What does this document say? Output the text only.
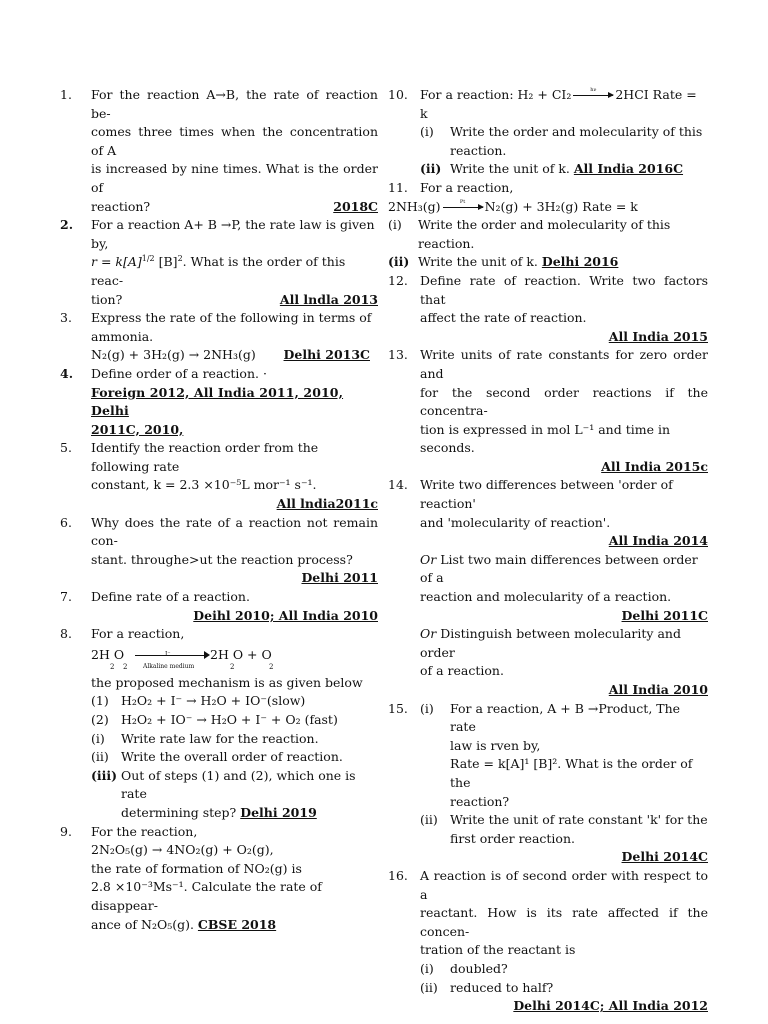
1. For the reaction A→B, the rate of reaction be-
comes three times when the concentration of A
is increased by nine times. What is the order of
reaction?	2018C
2. For a reaction A+ B →P, the rate law is given by,
$r = k[A]^{1/2}$ $[B]^2$. What is the order of this reac-
tion?	All lndla 2013
3. Express the rate of the following in terms of
ammonia.
N₂(g) + 3H₂(g) → 2NH₃(g) Delhi 2013C
4. Define order of a reaction. ·
Foreign 2012, All India 2011, 2010, Delhi
2011C, 2010,
5. Identify the reaction order from the following rate
constant, k = 2.3 ×10⁻⁵L mor⁻¹ s⁻¹.
All lndia2011c
6. Why does the rate of a reaction not remain con-
stant. throughe>ut the reaction process?
Delhi 2011
7. Define rate of a reaction.
Deihl 2010; All India 2010
8. For a reaction,
2H O
2 2
I⁻
Alkaline medium
2H O + O
2	2
the proposed mechanism is as given below
(1) H₂O₂ + I⁻ → H₂O + IO⁻(slow)
(2) H₂O₂ + IO⁻ → H₂O + I⁻ + O₂ (fast)
(i) Write rate law for the reaction.
(ii) Write the overall order of reaction.
(iii) Out of steps (1) and (2), which one is rate
determining step? Delhi 2019
9. For the reaction,
2N₂O₅(g) → 4NO₂(g) + O₂(g),
the rate of formation of NO₂(g) is
2.8 ×10⁻³Ms⁻¹. Calculate the rate of disappear-
ance of N₂O₅(g). CBSE 2018
10. For a reaction: H₂ + CI₂	hν	2HCI Rate = k
(i) Write the order and molecularity of this
reaction.
(ii) Write the unit of k. All India 2016C
11. For a reaction,
2NH₃(g)	Pt	N₂(g) + 3H₂(g) Rate = k
(i) Write the order and molecularity of this
reaction.
(ii) Write the unit of k. Delhi 2016
12. Define rate of reaction. Write two factors that
affect the rate of reaction.
All India 2015
13. Write units of rate constants for zero order and
for the second order reactions if the concentra-
tion is expressed in mol L⁻¹ and time in seconds.
All India 2015c
14. Write two differences between 'order of reaction'
and 'molecularity of reaction'.
All India 2014
Or List two main differences between order of a
reaction and molecularity of a reaction.
Delhi 2011C
Or Distinguish between molecularity and order
of a reaction.
All India 2010
15. (i) For a reaction, A + B →Product, The rate
law is rven by,
Rate = k[A]¹ [B]². What is the order of the
reaction?
(ii) Write the unit of rate constant 'k' for the
first order reaction.
Delhi 2014C
16. A reaction is of second order with respect to a
reactant. How is its rate affected if the concen-
tration of the reactant is
(i) doubled?
(ii) reduced to half?
Delhi 2014C; All India 2012
